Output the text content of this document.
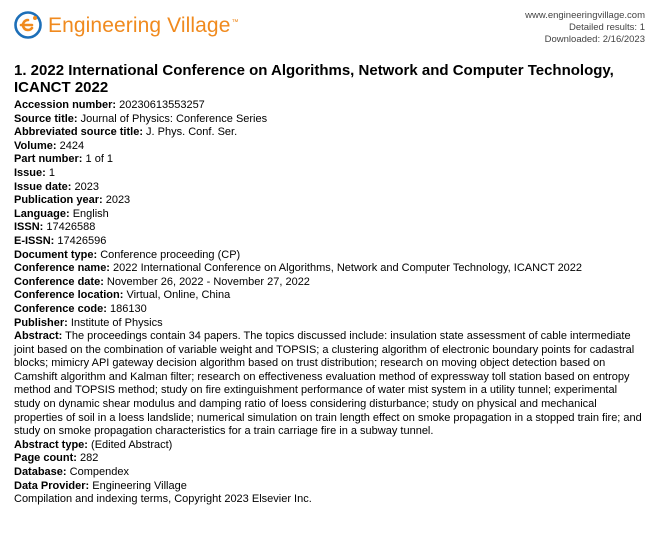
Engineering Village™
www.engineeringvillage.com
Detailed results: 1
Downloaded: 2/16/2023
1. 2022 International Conference on Algorithms, Network and Computer Technology, ICANCT 2022
Accession number: 20230613553257
Source title: Journal of Physics: Conference Series
Abbreviated source title: J. Phys. Conf. Ser.
Volume: 2424
Part number: 1 of 1
Issue: 1
Issue date: 2023
Publication year: 2023
Language: English
ISSN: 17426588
E-ISSN: 17426596
Document type: Conference proceeding (CP)
Conference name: 2022 International Conference on Algorithms, Network and Computer Technology, ICANCT 2022
Conference date: November 26, 2022 - November 27, 2022
Conference location: Virtual, Online, China
Conference code: 186130
Publisher: Institute of Physics
Abstract: The proceedings contain 34 papers. The topics discussed include: insulation state assessment of cable intermediate joint based on the combination of variable weight and TOPSIS; a clustering algorithm of electronic boundary points for cadastral blocks; mimicry API gateway decision algorithm based on trust distribution; research on moving object detection based on Camshift algorithm and Kalman filter; research on effectiveness evaluation method of expressway toll station based on entropy method and TOPSIS method; study on fire extinguishment performance of water mist system in a utility tunnel; experimental study on dynamic shear modulus and damping ratio of loess considering disturbance; study on physical and mechanical properties of soil in a loess landslide; numerical simulation on train length effect on smoke propagation in a stopped train fire; and study on smoke propagation characteristics for a train carriage fire in a subway tunnel.
Abstract type: (Edited Abstract)
Page count: 282
Database: Compendex
Data Provider: Engineering Village
Compilation and indexing terms, Copyright 2023 Elsevier Inc.
